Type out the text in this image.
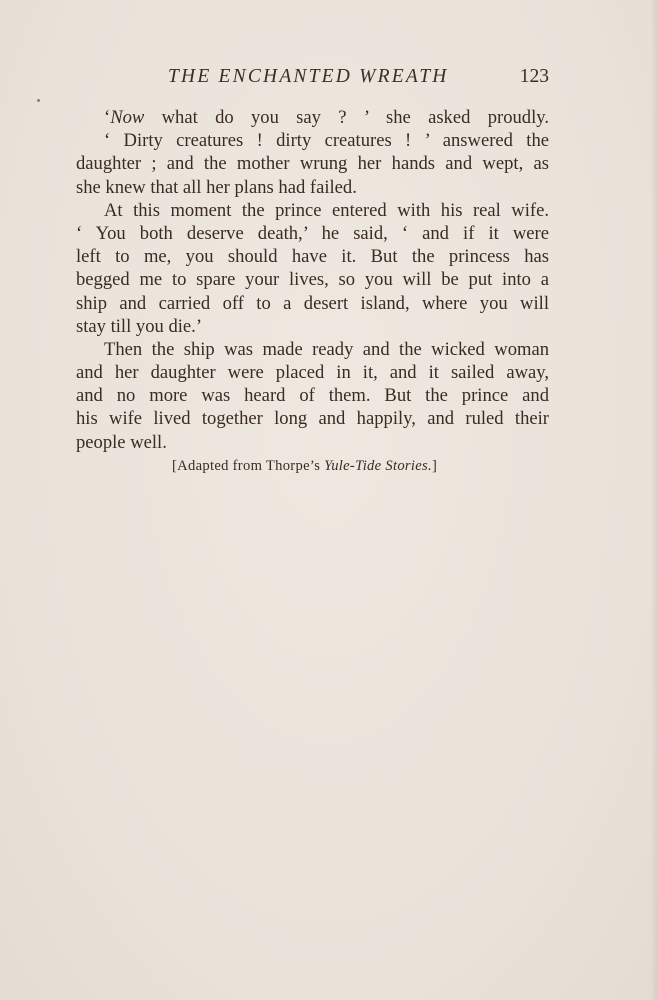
THE ENCHANTED WREATH	123
‘Now what do you say ? ’ she asked proudly.
‘ Dirty creatures ! dirty creatures ! ’ answered the
daughter ; and the mother wrung her hands and wept, as
she knew that all her plans had failed.
At this moment the prince entered with his real wife.
‘ You both deserve death,’ he said, ‘ and if it were
left to me, you should have it. But the princess has
begged me to spare your lives, so you will be put into a
ship and carried off to a desert island, where you will
stay till you die.’
Then the ship was made ready and the wicked woman
and her daughter were placed in it, and it sailed away,
and no more was heard of them. But the prince and
his wife lived together long and happily, and ruled their
people well.
[Adapted from Thorpe’s Yule-Tide Stories.]
